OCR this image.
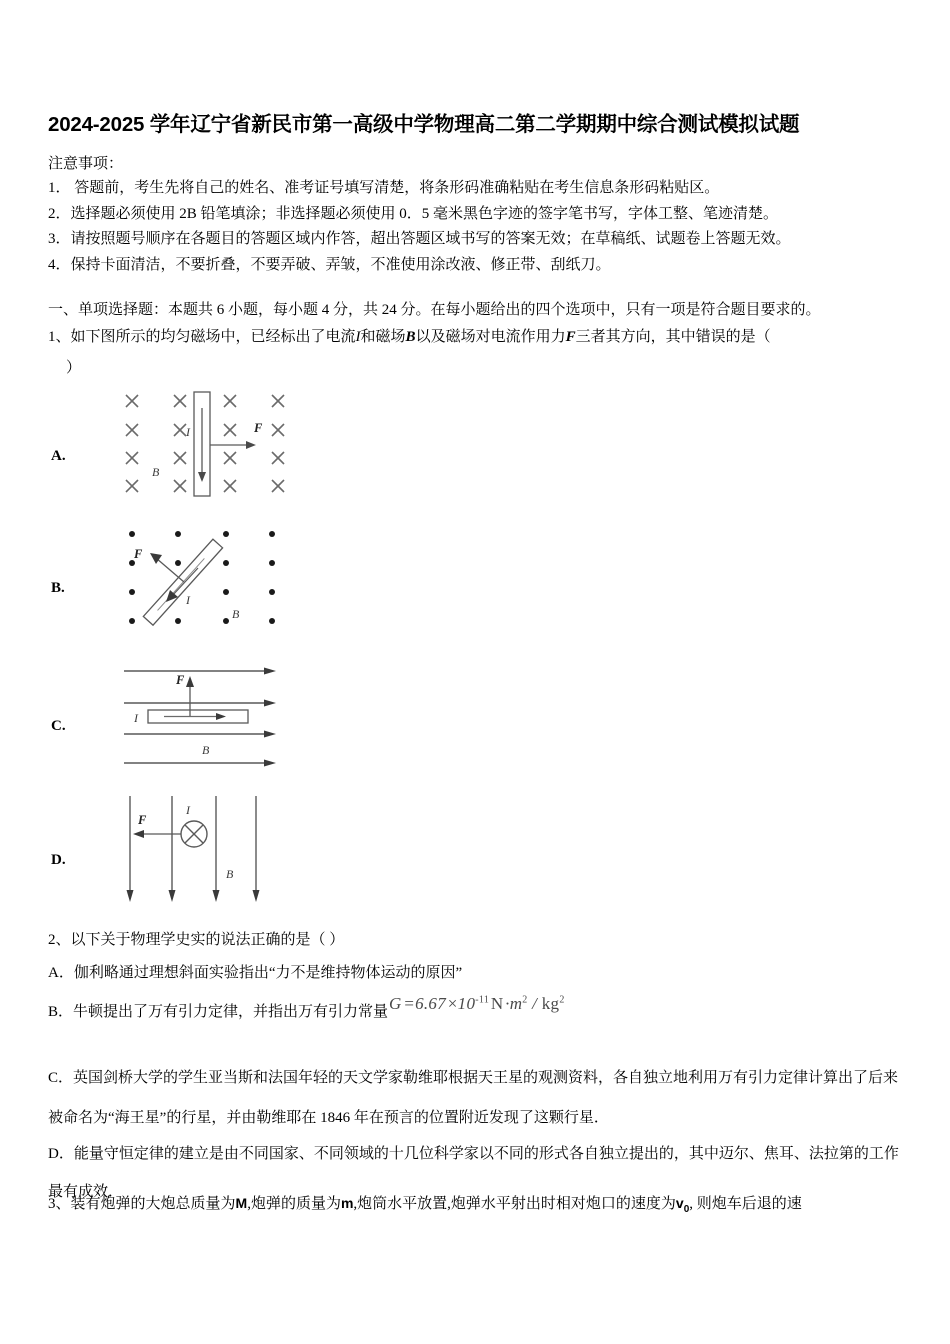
2024-2025 学年辽宁省新民市第一高级中学物理高二第二学期期中综合测试模拟试题
注意事项：
1． 答题前，考生先将自己的姓名、准考证号填写清楚，将条形码准确粘贴在考生信息条形码粘贴区。
2．选择题必须使用 2B 铅笔填涂；非选择题必须使用 0．5 毫米黑色字迹的签字笔书写，字体工整、笔迹清楚。
3．请按照题号顺序在各题目的答题区域内作答，超出答题区域书写的答案无效；在草稿纸、试题卷上答题无效。
4．保持卡面清洁，不要折叠，不要弄破、弄皱，不准使用涂改液、修正带、刮纸刀。
一、单项选择题：本题共 6 小题，每小题 4 分，共 24 分。在每小题给出的四个选项中，只有一项是符合题目要求的。
1、如下图所示的均匀磁场中，已经标出了电流I和磁场B以及磁场对电流作用力F三者其方向，其中错误的是（
）
A.
I	F
B
B.
F
I
B
C.
F
I
B
D.
F
I
B
2、以下关于物理学史实的说法正确的是（ ）
A．伽利略通过理想斜面实验指出“力不是维持物体运动的原因”
B．牛顿提出了万有引力定律，并指出万有引力常量G =6.67 $\times 10^{-11}$  N $\cdot m^2 / kg^2$
C．英国剑桥大学的学生亚当斯和法国年轻的天文学家勒维耶根据天王星的观测资料，各自独立地利用万有引力定律计算出了后来被命名为“海王星”的行星，并由勒维耶在 1846 年在预言的位置附近发现了这颗行星．
D．能量守恒定律的建立是由不同国家、不同领域的十几位科学家以不同的形式各自独立提出的，其中迈尔、焦耳、法拉第的工作最有成效．
3、装有炮弹的大炮总质量为M,炮弹的质量为m,炮筒水平放置,炮弹水平射出时相对炮口的速度为$v_0$, 则炮车后退的速
